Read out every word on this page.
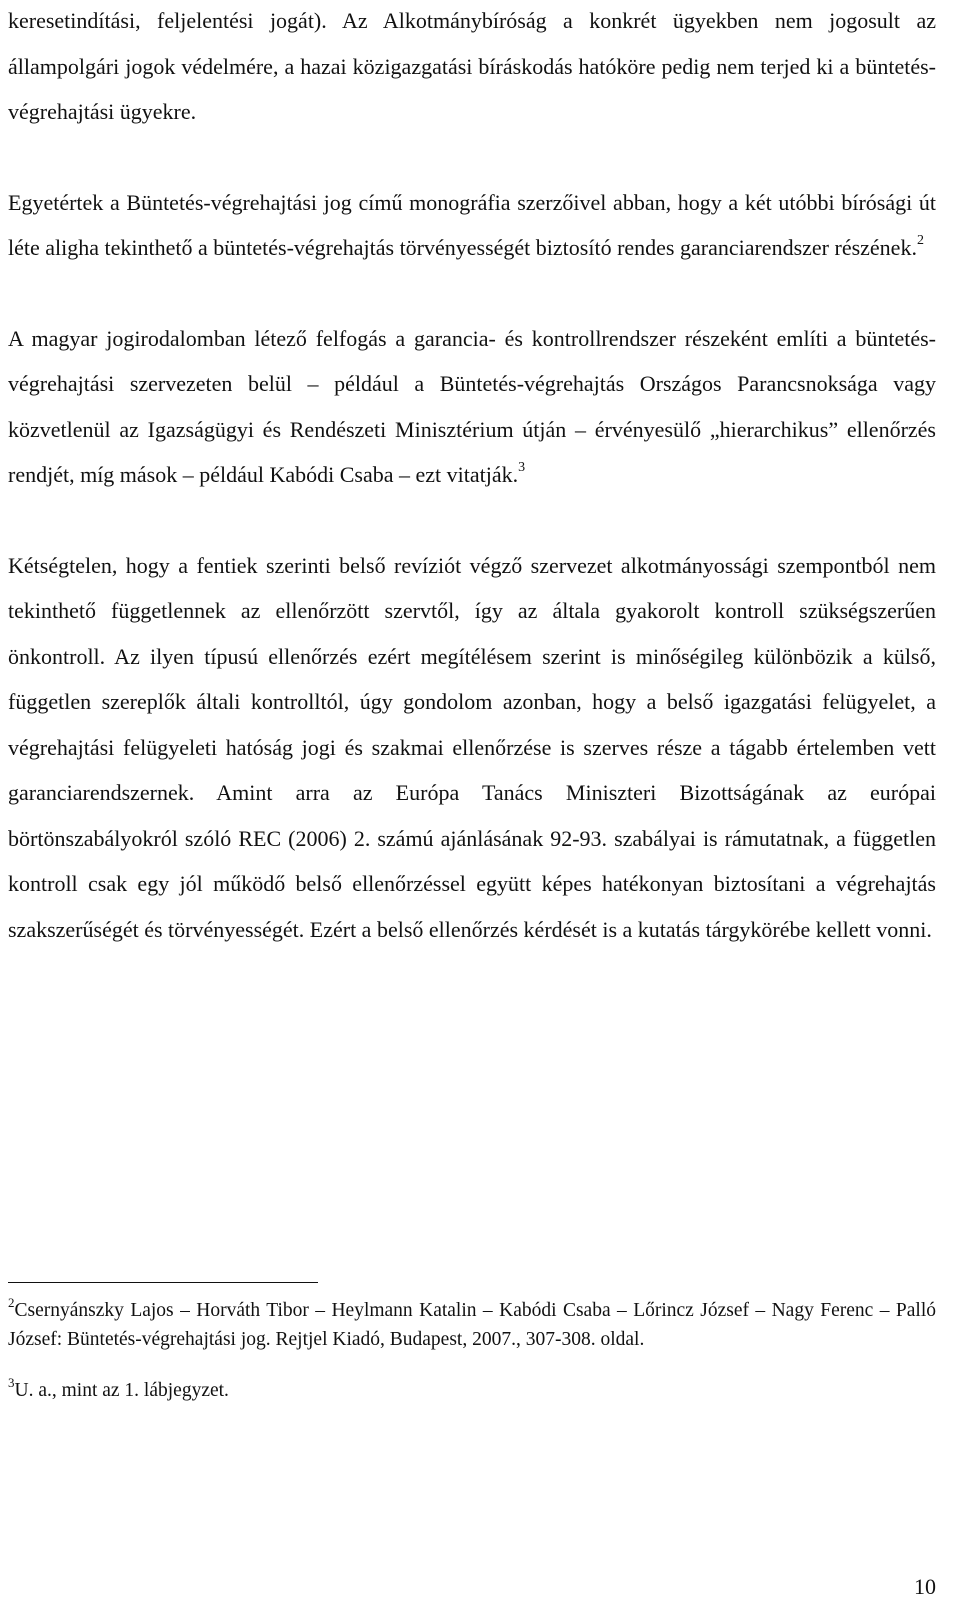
keresetindítási, feljelentési jogát). Az Alkotmánybíróság a konkrét ügyekben nem jogosult az állampolgári jogok védelmére, a hazai közigazgatási bíráskodás hatóköre pedig nem terjed ki a büntetés-végrehajtási ügyekre.

Egyetértek a Büntetés-végrehajtási jog című monográfia szerzőivel abban, hogy a két utóbbi bírósági út léte aligha tekinthető a büntetés-végrehajtás törvényességét biztosító rendes garanciarendszer részének.$^2$

A magyar jogirodalomban létező felfogás a garancia- és kontrollrendszer részeként említi a büntetés-végrehajtási szervezeten belül – például a Büntetés-végrehajtás Országos Parancsnoksága vagy közvetlenül az Igazságügyi és Rendészeti Minisztérium útján – érvényesülő „hierarchikus” ellenőrzés rendjét, míg mások – például Kabódi Csaba – ezt vitatják.$^3$

Kétségtelen, hogy a fentiek szerinti belső revíziót végző szervezet alkotmányossági szempontból nem tekinthető függetlennek az ellenőrzött szervtől, így az általa gyakorolt kontroll szükségszerűen önkontroll. Az ilyen típusú ellenőrzés ezért megítélésem szerint is minőségileg különbözik a külső, független szereplők általi kontrolltól, úgy gondolom azonban, hogy a belső igazgatási felügyelet, a végrehajtási felügyeleti hatóság jogi és szakmai ellenőrzése is szerves része a tágabb értelemben vett garanciarendszernek. Amint arra az Európa Tanács Miniszteri Bizottságának az európai börtönszabályokról szóló REC (2006) 2. számú ajánlásának 92-93. szabályai is rámutatnak, a független kontroll csak egy jól működő belső ellenőrzéssel együtt képes hatékonyan biztosítani a végrehajtás szakszerűségét és törvényességét. Ezért a belső ellenőrzés kérdését is a kutatás tárgykörébe kellett vonni.

$^2$Csernyánszky Lajos – Horváth Tibor – Heylmann Katalin – Kabódi Csaba – Lőrincz József – Nagy Ferenc – Palló József: Büntetés-végrehajtási jog. Rejtjel Kiadó, Budapest, 2007., 307-308. oldal.

$^3$U. a., mint az 1. lábjegyzet.

10
